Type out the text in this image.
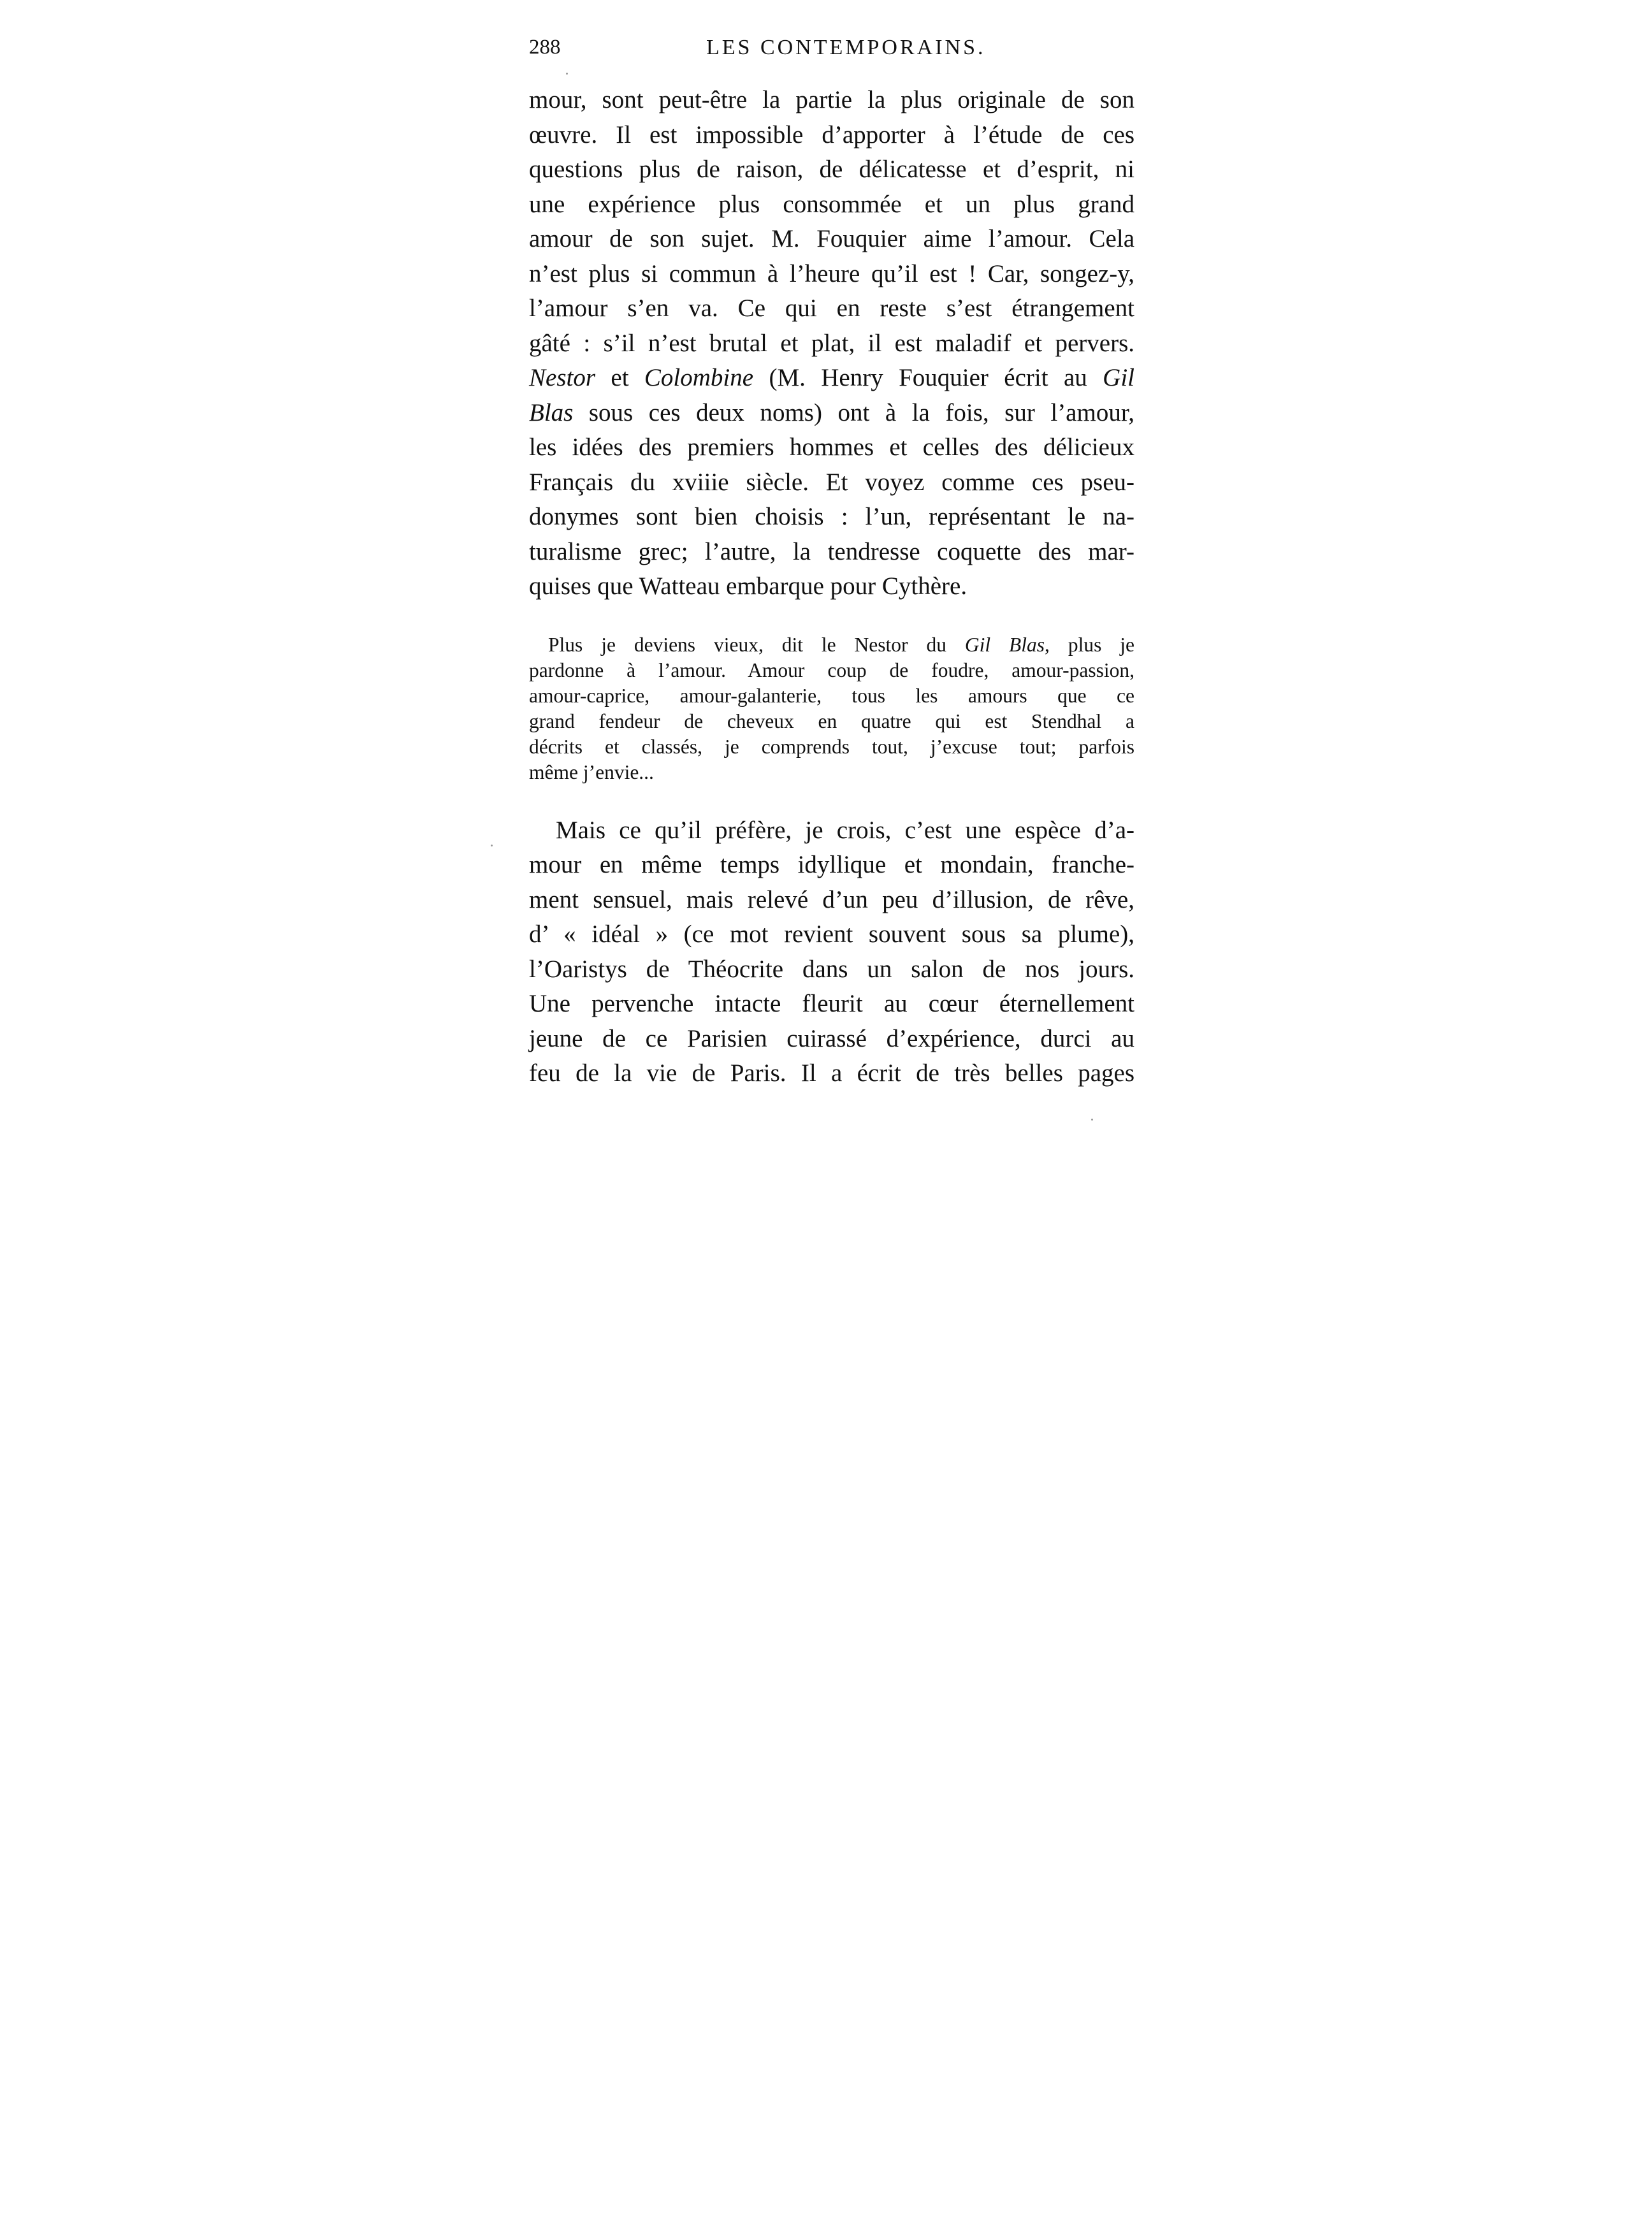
288	LES CONTEMPORAINS.

mour, sont peut-être la partie la plus originale de son
œuvre. Il est impossible d’apporter à l’étude de ces
questions plus de raison, de délicatesse et d’esprit, ni
une expérience plus consommée et un plus grand
amour de son sujet. M. Fouquier aime l’amour. Cela
n’est plus si commun à l’heure qu’il est ! Car, songez-y,
l’amour s’en va. Ce qui en reste s’est étrangement
gâté : s’il n’est brutal et plat, il est maladif et pervers.
Nestor et Colombine (M. Henry Fouquier écrit au Gil
Blas sous ces deux noms) ont à la fois, sur l’amour,
les idées des premiers hommes et celles des délicieux
Français du xviiie siècle. Et voyez comme ces pseu-
donymes sont bien choisis : l’un, représentant le na-
turalisme grec; l’autre, la tendresse coquette des mar-
quises que Watteau embarque pour Cythère.

Plus je deviens vieux, dit le Nestor du Gil Blas, plus je
pardonne à l’amour. Amour coup de foudre, amour-passion,
amour-caprice, amour-galanterie, tous les amours que ce
grand fendeur de cheveux en quatre qui est Stendhal a
décrits et classés, je comprends tout, j’excuse tout; parfois
même j’envie...

Mais ce qu’il préfère, je crois, c’est une espèce d’a-
mour en même temps idyllique et mondain, franche-
ment sensuel, mais relevé d’un peu d’illusion, de rêve,
d’ « idéal » (ce mot revient souvent sous sa plume),
l’Oaristys de Théocrite dans un salon de nos jours.
Une pervenche intacte fleurit au cœur éternellement
jeune de ce Parisien cuirassé d’expérience, durci au
feu de la vie de Paris. Il a écrit de très belles pages
